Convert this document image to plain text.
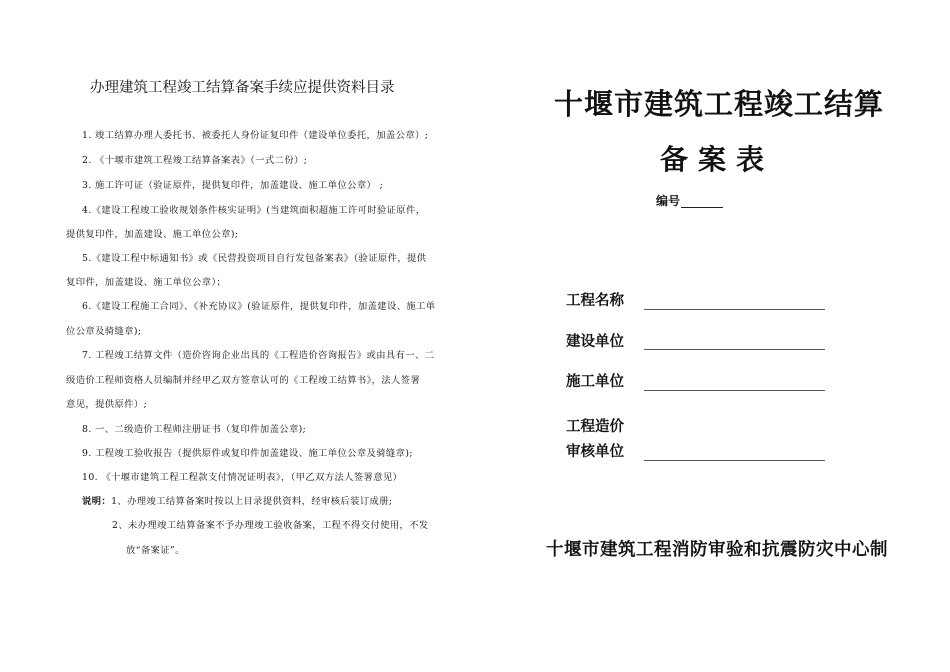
办理建筑工程竣工结算备案手续应提供资料目录
1. 竣工结算办理人委托书、被委托人身份证复印件（建设单位委托，加盖公章）;
2. 《十堰市建筑工程竣工结算备案表》（一式二份）;
3. 施工许可证（验证原件，提供复印件，加盖建设、施工单位公章） ;
4.《建设工程竣工验收规划条件核实证明》(当建筑面积超施工许可时验证原件，
提供复印件，加盖建设、施工单位公章);
5.《建设工程中标通知书》或《民营投资项目自行发包备案表》（验证原件，提供
复印件，加盖建设、施工单位公章）；
6.《建设工程施工合同》、《补充协议》(验证原件，提供复印件，加盖建设、施工单
位公章及骑缝章);
7. 工程竣工结算文件（造价咨询企业出具的《工程造价咨询报告》或由具有一、二
级造价工程师资格人员编制并经甲乙双方签章认可的《工程竣工结算书》，法人签署
意见，提供原件）;
8. 一、二级造价工程师注册证书（复印件加盖公章);
9. 工程竣工验收报告（提供原件或复印件加盖建设、施工单位公章及骑缝章);
10. 《十堰市建筑工程工程款支付情况证明表》，（甲乙双方法人签署意见）
说明：1、办理竣工结算备案时按以上目录提供资料，经审核后装订成册;
2、未办理竣工结算备案不予办理竣工验收备案，工程不得交付使用，不发
放“备案证”。
十堰市建筑工程竣工结算
备案表
编号
工程名称
建设单位
施工单位
工程造价
审核单位
十堰市建筑工程消防审验和抗震防灾中心制
